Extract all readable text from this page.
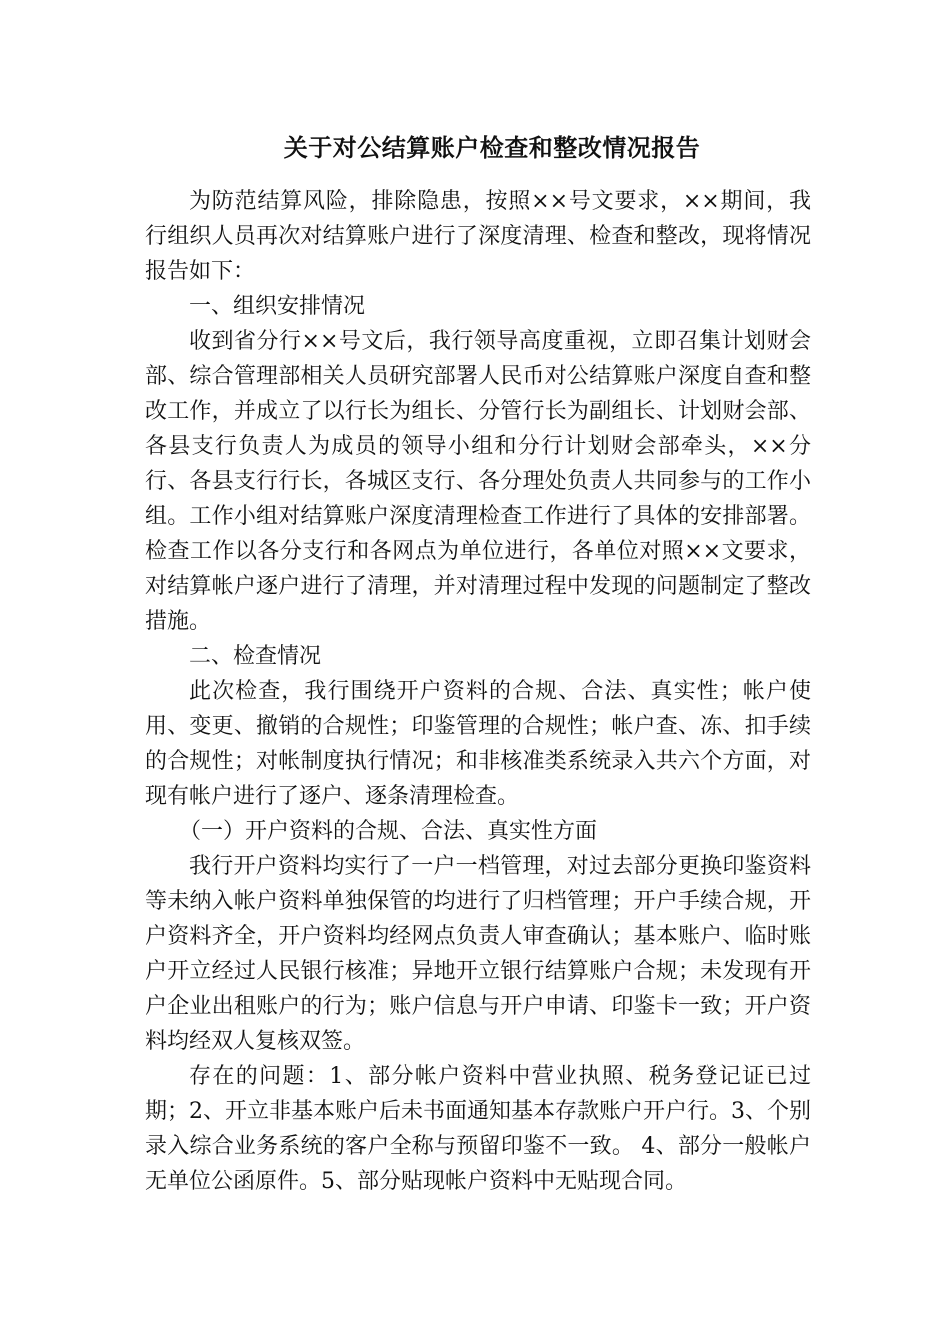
关于对公结算账户检查和整改情况报告

为防范结算风险，排除隐患，按照××号文要求，××期间，我行组织人员再次对结算账户进行了深度清理、检查和整改，现将情况报告如下：

一、组织安排情况

收到省分行××号文后，我行领导高度重视，立即召集计划财会部、综合管理部相关人员研究部署人民币对公结算账户深度自查和整改工作，并成立了以行长为组长、分管行长为副组长、计划财会部、各县支行负责人为成员的领导小组和分行计划财会部牵头，××分行、各县支行行长，各城区支行、各分理处负责人共同参与的工作小组。工作小组对结算账户深度清理检查工作进行了具体的安排部署。检查工作以各分支行和各网点为单位进行，各单位对照××文要求，对结算帐户逐户进行了清理，并对清理过程中发现的问题制定了整改措施。

二、检查情况

此次检查，我行围绕开户资料的合规、合法、真实性；帐户使用、变更、撤销的合规性；印鉴管理的合规性；帐户查、冻、扣手续的合规性；对帐制度执行情况；和非核准类系统录入共六个方面，对现有帐户进行了逐户、逐条清理检查。

（一）开户资料的合规、合法、真实性方面

我行开户资料均实行了一户一档管理，对过去部分更换印鉴资料等未纳入帐户资料单独保管的均进行了归档管理；开户手续合规，开户资料齐全，开户资料均经网点负责人审查确认；基本账户、临时账户开立经过人民银行核准；异地开立银行结算账户合规；未发现有开户企业出租账户的行为；账户信息与开户申请、印鉴卡一致；开户资料均经双人复核双签。

存在的问题：1、部分帐户资料中营业执照、税务登记证已过期；2、开立非基本账户后未书面通知基本存款账户开户行。3、个别录入综合业务系统的客户全称与预留印鉴不一致。 4、部分一般帐户无单位公函原件。5、部分贴现帐户资料中无贴现合同。
